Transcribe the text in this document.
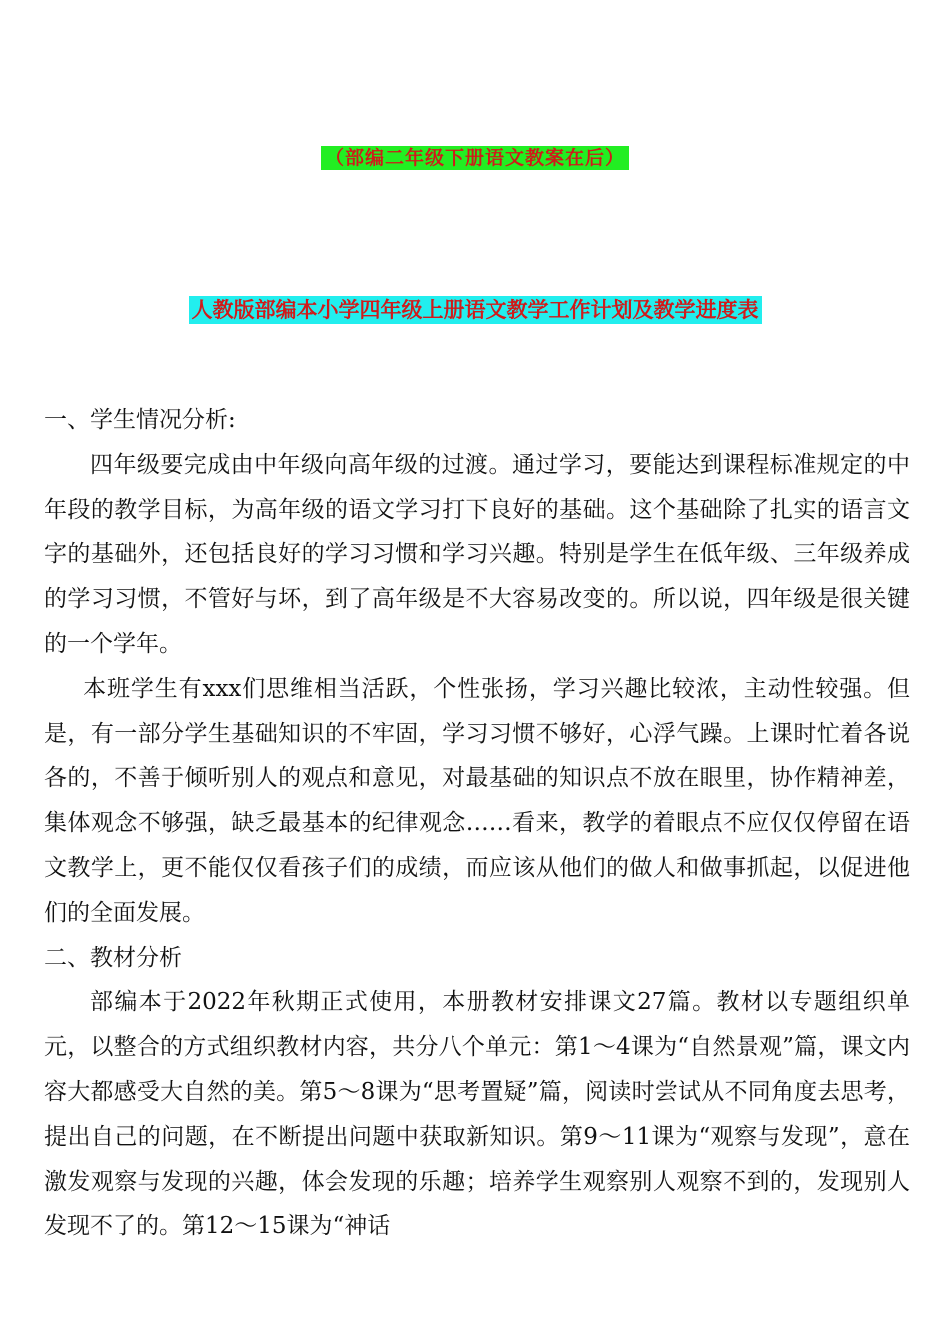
（部编二年级下册语文教案在后）
人教版部编本小学四年级上册语文教学工作计划及教学进度表

一、学生情况分析:

四年级要完成由中年级向高年级的过渡。通过学习，要能达到课程标准规定的中年段的教学目标，为高年级的语文学习打下良好的基础。这个基础除了扎实的语言文字的基础外，还包括良好的学习习惯和学习兴趣。特别是学生在低年级、三年级养成的学习习惯，不管好与坏，到了高年级是不大容易改变的。所以说，四年级是很关键的一个学年。

本班学生有xxx们思维相当活跃，个性张扬，学习兴趣比较浓，主动性较强。但是，有一部分学生基础知识的不牢固，学习习惯不够好，心浮气躁。上课时忙着各说各的，不善于倾听别人的观点和意见，对最基础的知识点不放在眼里，协作精神差，集体观念不够强，缺乏最基本的纪律观念……看来，教学的着眼点不应仅仅停留在语文教学上，更不能仅仅看孩子们的成绩，而应该从他们的做人和做事抓起，以促进他们的全面发展。

二、教材分析

部编本于2022年秋期正式使用，本册教材安排课文27篇。教材以专题组织单元，以整合的方式组织教材内容，共分八个单元：第1～4课为“自然景观”篇，课文内容大都感受大自然的美。第5～8课为“思考置疑”篇，阅读时尝试从不同角度去思考，提出自己的问题，在不断提出问题中获取新知识。第9～11课为“观察与发现”，意在激发观察与发现的兴趣，体会发现的乐趣；培养学生观察别人观察不到的，发现别人发现不了的。第12～15课为“神话
